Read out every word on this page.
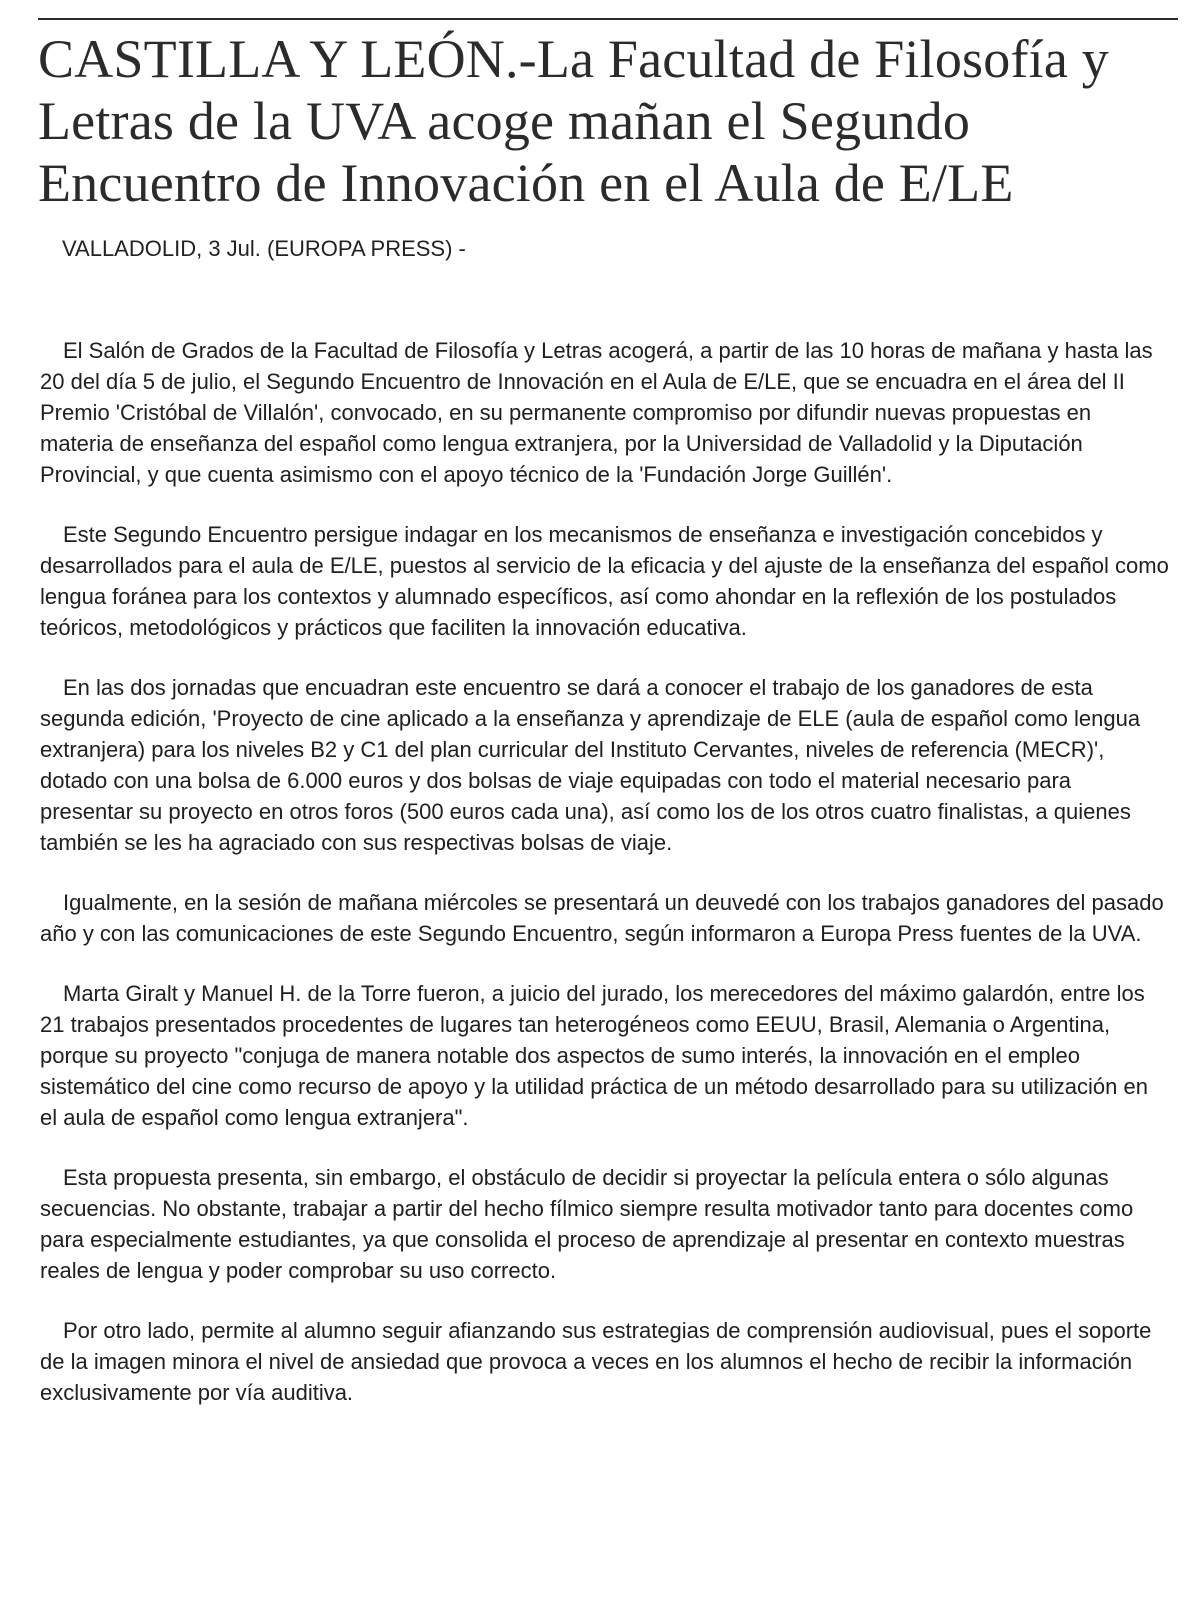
CASTILLA Y LEÓN.-La Facultad de Filosofía y Letras de la UVA acoge mañan el Segundo Encuentro de Innovación en el Aula de E/LE

VALLADOLID, 3 Jul. (EUROPA PRESS) -

El Salón de Grados de la Facultad de Filosofía y Letras acogerá, a partir de las 10 horas de mañana y hasta las 20 del día 5 de julio, el Segundo Encuentro de Innovación en el Aula de E/LE, que se encuadra en el área del II Premio 'Cristóbal de Villalón', convocado, en su permanente compromiso por difundir nuevas propuestas en materia de enseñanza del español como lengua extranjera, por la Universidad de Valladolid y la Diputación Provincial, y que cuenta asimismo con el apoyo técnico de la 'Fundación Jorge Guillén'.

Este Segundo Encuentro persigue indagar en los mecanismos de enseñanza e investigación concebidos y desarrollados para el aula de E/LE, puestos al servicio de la eficacia y del ajuste de la enseñanza del español como lengua foránea para los contextos y alumnado específicos, así como ahondar en la reflexión de los postulados teóricos, metodológicos y prácticos que faciliten la innovación educativa.

En las dos jornadas que encuadran este encuentro se dará a conocer el trabajo de los ganadores de esta segunda edición, 'Proyecto de cine aplicado a la enseñanza y aprendizaje de ELE (aula de español como lengua extranjera) para los niveles B2 y C1 del plan curricular del Instituto Cervantes, niveles de referencia (MECR)', dotado con una bolsa de 6.000 euros y dos bolsas de viaje equipadas con todo el material necesario para presentar su proyecto en otros foros (500 euros cada una), así como los de los otros cuatro finalistas, a quienes también se les ha agraciado con sus respectivas bolsas de viaje.

Igualmente, en la sesión de mañana miércoles se presentará un deuvedé con los trabajos ganadores del pasado año y con las comunicaciones de este Segundo Encuentro, según informaron a Europa Press fuentes de la UVA.

Marta Giralt y Manuel H. de la Torre fueron, a juicio del jurado, los merecedores del máximo galardón, entre los 21 trabajos presentados procedentes de lugares tan heterogéneos como EEUU, Brasil, Alemania o Argentina, porque su proyecto "conjuga de manera notable dos aspectos de sumo interés, la innovación en el empleo sistemático del cine como recurso de apoyo y la utilidad práctica de un método desarrollado para su utilización en el aula de español como lengua extranjera".

Esta propuesta presenta, sin embargo, el obstáculo de decidir si proyectar la película entera o sólo algunas secuencias. No obstante, trabajar a partir del hecho fílmico siempre resulta motivador tanto para docentes como para especialmente estudiantes, ya que consolida el proceso de aprendizaje al presentar en contexto muestras reales de lengua y poder comprobar su uso correcto.

Por otro lado, permite al alumno seguir afianzando sus estrategias de comprensión audiovisual, pues el soporte de la imagen minora el nivel de ansiedad que provoca a veces en los alumnos el hecho de recibir la información exclusivamente por vía auditiva.
